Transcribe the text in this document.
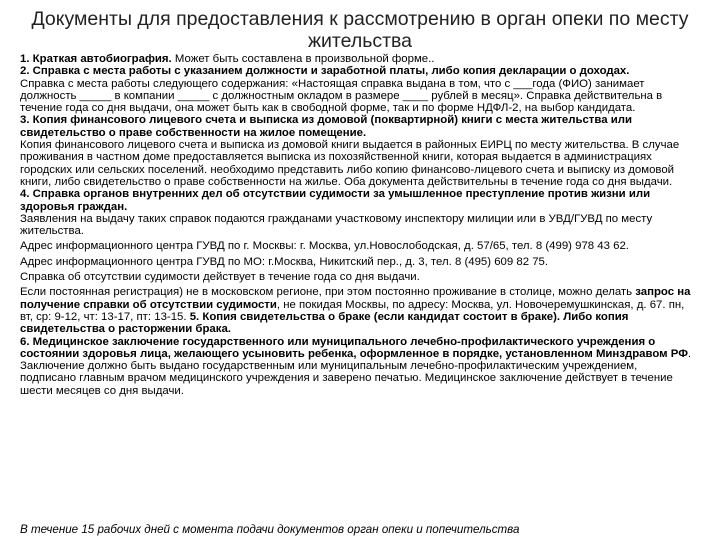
Документы для предоставления к рассмотрению в орган опеки по месту жительства

1. Краткая автобиография. Может быть составлена в произвольной форме..

2. Справка с места работы с указанием должности и заработной платы, либо копия декларации о доходах.

Справка с места работы следующего содержания: «Настоящая справка выдана в том, что с ___года (ФИО) занимает должность _____ в компании _____ с должностным окладом в размере ____ рублей в месяц». Справка действительна в течение года со дня выдачи, она может быть как в свободной форме, так и по форме НДФЛ-2, на выбор кандидата.

3. Копия финансового лицевого счета и выписка из домовой (поквартирной) книги с места жительства или свидетельство о праве собственности на жилое помещение.

Копия финансового лицевого счета и выписка из домовой книги выдается в районных ЕИРЦ по месту жительства. В случае проживания в частном доме предоставляется выписка из похозяйственной книги, которая выдается в администрациях городских или сельских поселений. необходимо представить либо копию финансово-лицевого счета и выписку из домовой книги, либо свидетельство о праве собственности на жилье. Оба документа действительны в течение года со дня выдачи.

4. Справка органов внутренних дел об отсутствии судимости за умышленное преступление против жизни или здоровья граждан.

Заявления на выдачу таких справок подаются гражданами участковому инспектору милиции или в УВД/ГУВД по месту жительства.

Адрес информационного центра ГУВД по г. Москвы: г. Москва, ул.Новослободская, д. 57/65, тел. 8 (499) 978 43 62.

Адрес информационного центра ГУВД по МО: г.Москва, Никитский пер., д. 3, тел. 8 (495) 609 82 75.

Справка об отсутствии судимости действует в течение года со дня выдачи.

Если постоянная регистрация) не в московском регионе, при этом постоянно проживание в столице, можно делать запрос на получение справки об отсутствии судимости, не покидая Москвы, по адресу: Москва, ул. Новочеремушкинская, д. 67. пн, вт, ср: 9-12, чт: 13-17, пт: 13-15. 5. Копия свидетельства о браке (если кандидат состоит в браке). Либо копия свидетельства о расторжении брака.

6. Медицинское заключение государственного или муниципального лечебно-профилактического учреждения о состоянии здоровья лица, желающего усыновить ребенка, оформленное в порядке, установленном Минздравом РФ. Заключение должно быть выдано государственным или муниципальным лечебно-профилактическим учреждением, подписано главным врачом медицинского учреждения и заверено печатью. Медицинское заключение действует в течение шести месяцев со дня выдачи.

В течение 15 рабочих дней с момента подачи документов орган опеки и попечительства
